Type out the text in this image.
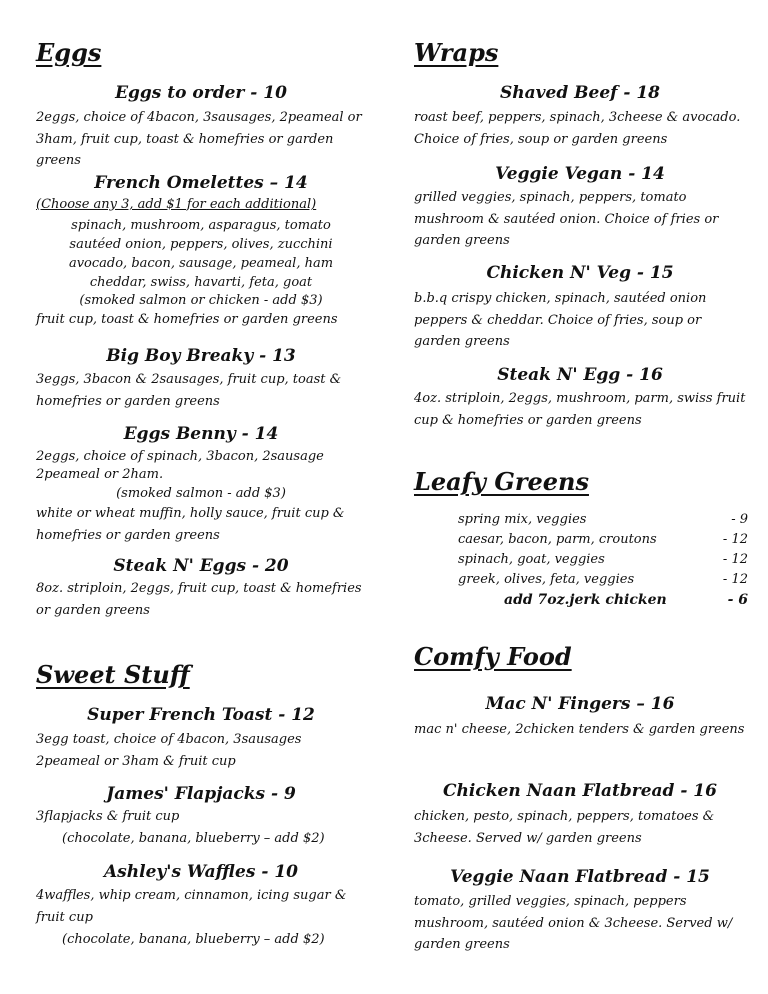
Eggs
Eggs to order - 10
2eggs, choice of 4bacon, 3sausages, 2peameal or 3ham, fruit cup, toast & homefries or garden greens
French Omelettes – 14
(Choose any 3, add $1 for each additional)
spinach, mushroom, asparagus, tomato
sautéed onion, peppers, olives, zucchini
avocado, bacon, sausage, peameal, ham
cheddar, swiss, havarti, feta, goat
(smoked salmon or chicken - add $3)
fruit cup, toast & homefries or garden greens
Big Boy Breaky - 13
3eggs, 3bacon & 2sausages, fruit cup, toast & homefries or garden greens
Eggs Benny - 14
2eggs, choice of spinach, 3bacon, 2sausage
2peameal or 2ham.
(smoked salmon - add $3)
white or wheat muffin, holly sauce, fruit cup & homefries or garden greens
Steak N' Eggs - 20
8oz. striploin, 2eggs, fruit cup, toast & homefries or garden greens
Sweet Stuff
Super French Toast - 12
3egg toast, choice of 4bacon, 3sausages 2peameal or 3ham & fruit cup
James' Flapjacks - 9
3flapjacks & fruit cup
(chocolate, banana, blueberry – add $2)
Ashley's Waffles - 10
4waffles, whip cream, cinnamon, icing sugar & fruit cup
(chocolate, banana, blueberry – add $2)
Wraps
Shaved Beef - 18
roast beef, peppers, spinach, 3cheese & avocado. Choice of fries, soup or garden greens
Veggie Vegan - 14
grilled veggies, spinach, peppers, tomato mushroom & sautéed onion. Choice of fries or garden greens
Chicken N' Veg - 15
b.b.q crispy chicken, spinach, sautéed onion peppers & cheddar. Choice of fries, soup or garden greens
Steak N' Egg - 16
4oz. striploin, 2eggs, mushroom, parm, swiss fruit cup & homefries or garden greens
Leafy Greens
spring mix, veggies	- 9
caesar, bacon, parm, croutons	- 12
spinach, goat, veggies	- 12
greek, olives, feta, veggies	- 12
add 7oz.jerk chicken	- 6
Comfy Food
Mac N' Fingers – 16
mac n' cheese, 2chicken tenders & garden greens
Chicken Naan Flatbread - 16
chicken, pesto, spinach, peppers, tomatoes & 3cheese. Served w/ garden greens
Veggie Naan Flatbread - 15
tomato, grilled veggies, spinach, peppers mushroom, sautéed onion & 3cheese. Served w/ garden greens
